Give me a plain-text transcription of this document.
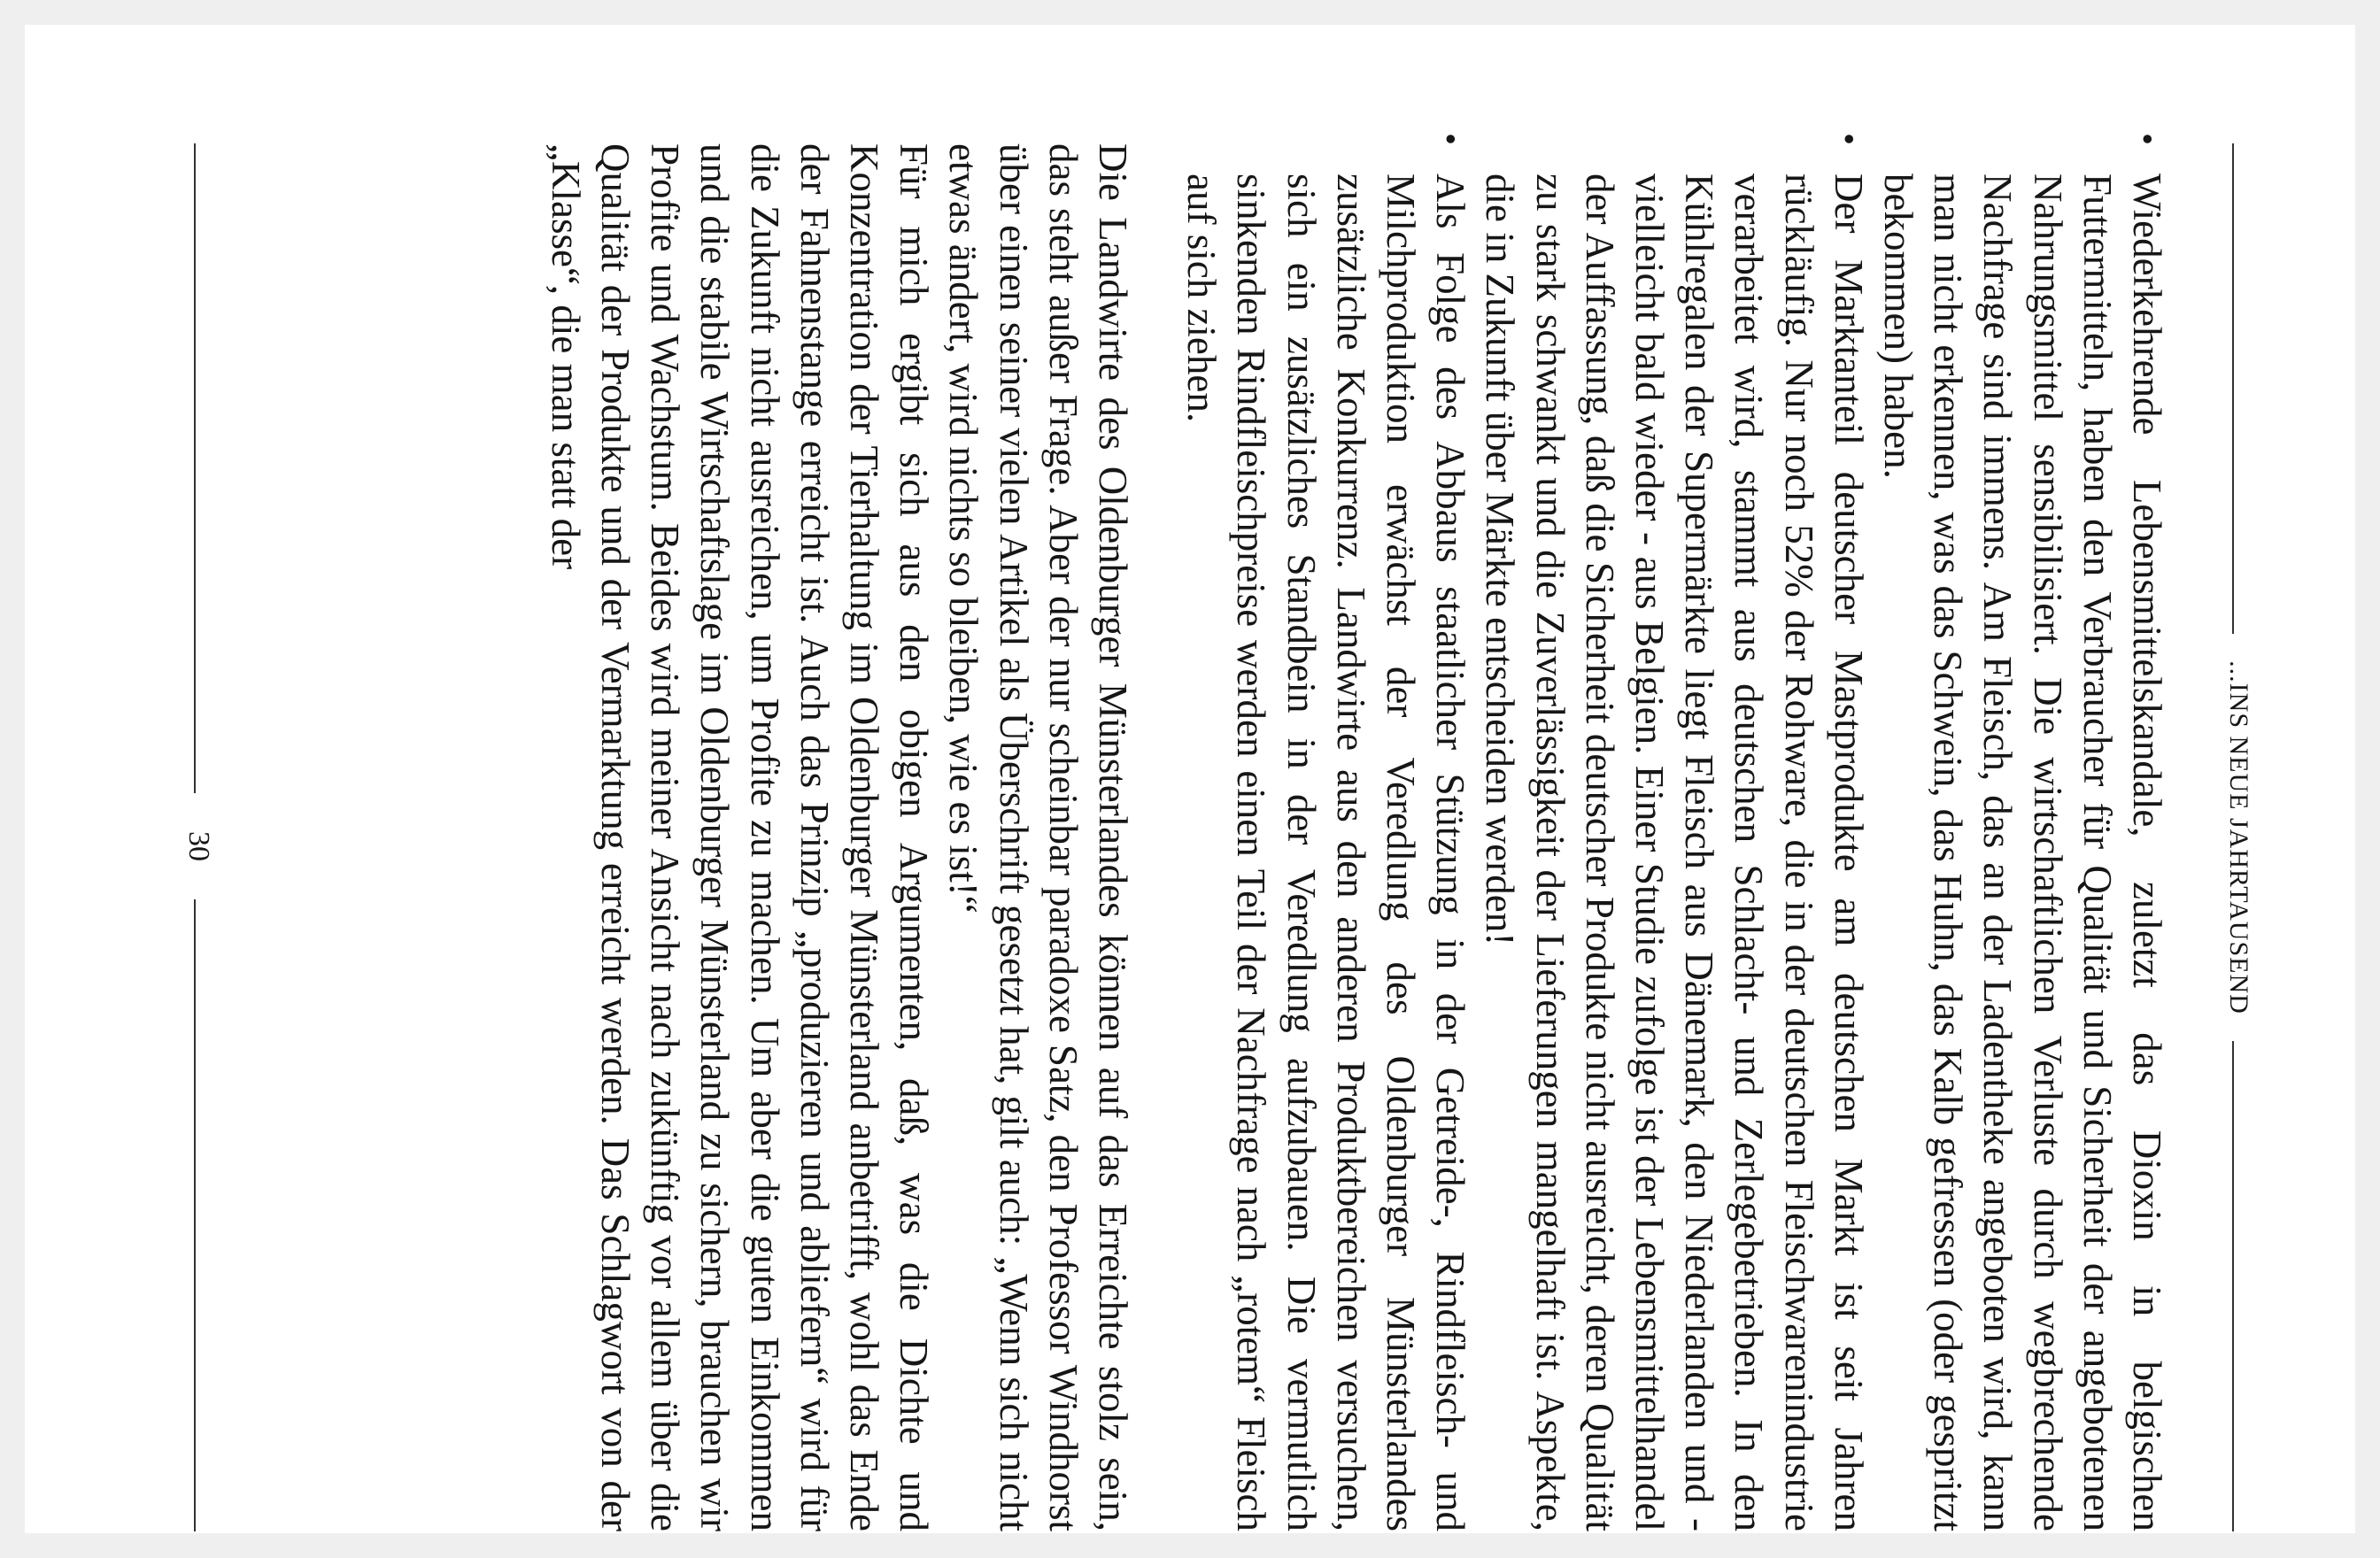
...INS NEUE JAHRTAUSEND

•
Wiederkehrende Lebensmittelskandale, zuletzt das Dioxin in belgischen Futtermitteln, haben den Verbraucher für Qualität und Sicherheit der angebotenen Nahrungsmittel sensibilisiert. Die wirtschaftlichen Verluste durch wegbrechende Nachfrage sind immens. Am Fleisch, das an der Ladentheke angeboten wird, kann man nicht erkennen, was das Schwein, das Huhn, das Kalb gefressen (oder gespritzt bekommen) haben.

•
Der Marktanteil deutscher Mastprodukte am deutschen Markt ist seit Jahren rückläufig. Nur noch 52% der Rohware, die in der deutschen Fleischwarenindustrie verarbeitet wird, stammt aus deutschen Schlacht- und Zerlegebetrieben. In den Kühlregalen der Supermärkte liegt Fleisch aus Dänemark, den Niederlanden und - vielleicht bald wieder - aus Belgien. Einer Studie zufolge ist der Lebensmittelhandel der Auffassung, daß die Sicherheit deutscher Produkte nicht ausreicht, deren Qualität zu stark schwankt und die Zuverlässigkeit der Lieferungen mangelhaft ist. Aspekte, die in Zukunft über Märkte entscheiden werden!

•
Als Folge des Abbaus staatlicher Stützung in der Getreide-, Rindfleisch- und Milchproduktion erwächst der Veredlung des Oldenburger Münsterlandes zusätzliche Konkurrenz. Landwirte aus den anderen Produktbereichen versuchen, sich ein zusätzliches Standbein in der Veredlung aufzubauen. Die vermutlich sinkenden Rindfleischpreise werden einen Teil der Nachfrage nach „rotem“ Fleisch auf sich ziehen.

Die Landwirte des Oldenburger Münsterlandes können auf das Erreichte stolz sein, das steht außer Frage. Aber der nur scheinbar paradoxe Satz, den Professor Windhorst über einen seiner vielen Artikel als Überschrift gesetzt hat, gilt auch: „Wenn sich nicht etwas ändert, wird nichts so bleiben, wie es ist!“

Für mich ergibt sich aus den obigen Argumenten, daß, was die Dichte und Konzentration der Tierhaltung im Oldenburger Münsterland anbetrifft, wohl das Ende der Fahnenstange erreicht ist. Auch das Prinzip „produzieren und abliefern“ wird für die Zukunft nicht ausreichen, um Profite zu machen. Um aber die guten Einkommen und die stabile Wirtschaftslage im Oldenburger Münsterland zu sichern, brauchen wir Profite und Wachstum. Beides wird meiner Ansicht nach zukünftig vor allem über die Qualität der Produkte und der Vermarktung erreicht werden. Das Schlagwort von der „Klasse“, die man statt der

30
